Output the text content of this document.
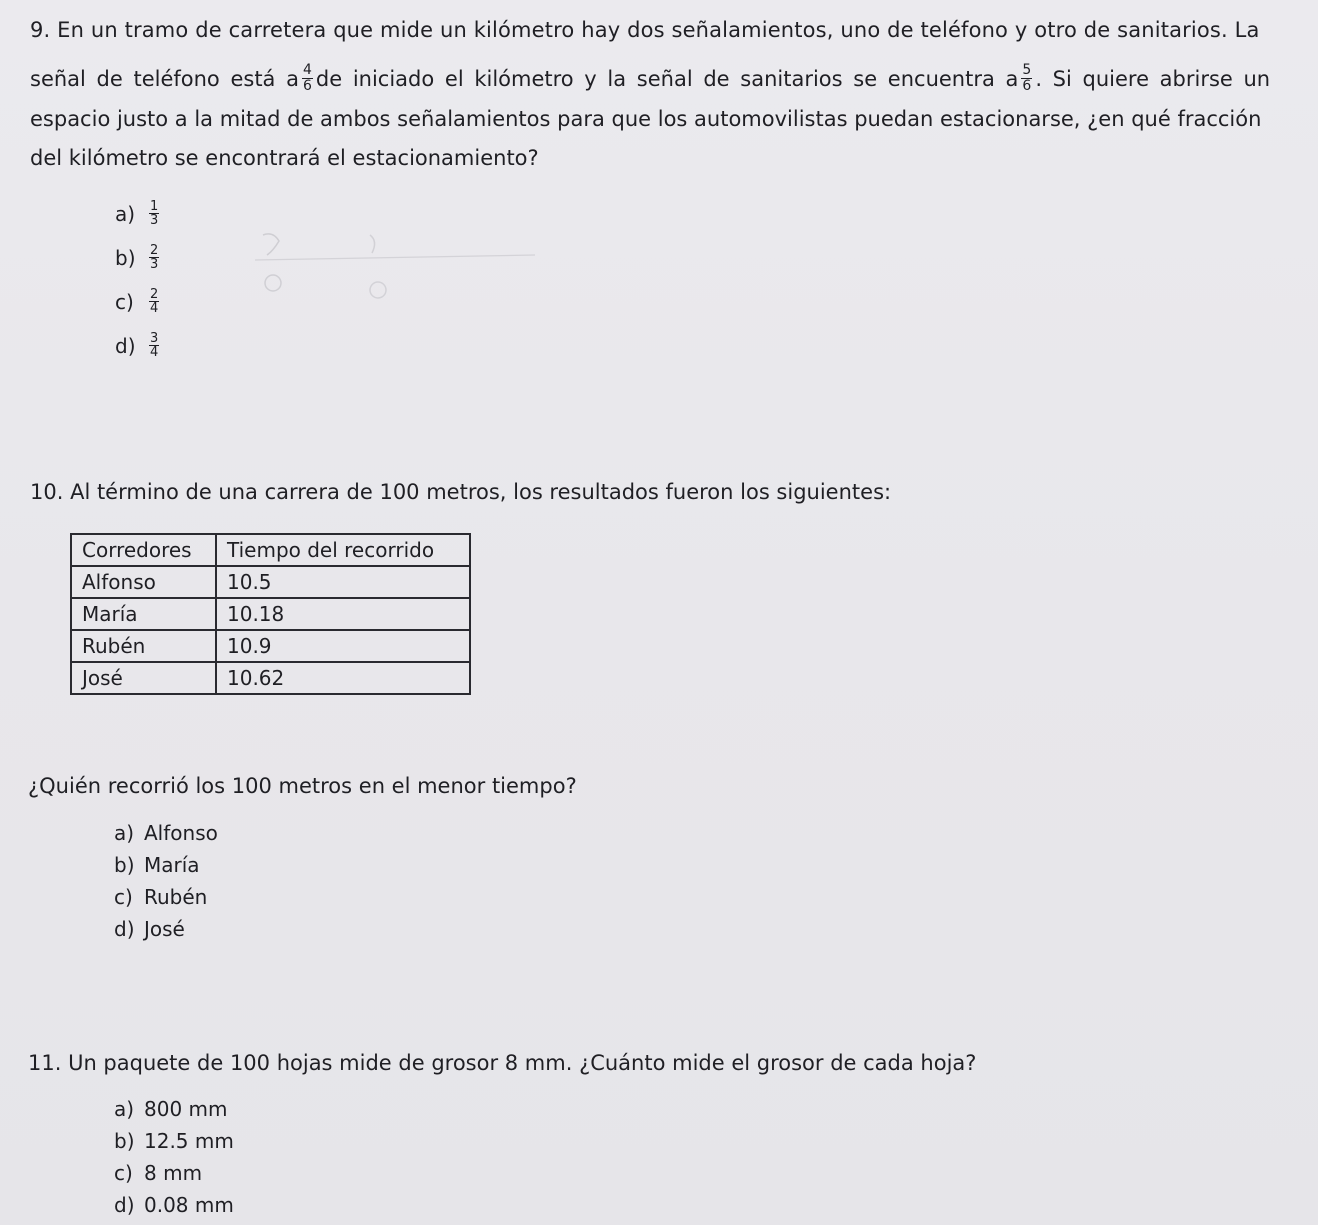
9. En un tramo de carretera que mide un kilómetro hay dos señalamientos, uno de teléfono y otro de sanitarios. La
señal de teléfono está a $\frac{4}{6}$ de iniciado el kilómetro y la señal de sanitarios se encuentra a $\frac{5}{6}$ . Si quiere abrirse un
espacio justo a la mitad de ambos señalamientos para que los automovilistas puedan estacionarse, ¿en qué fracción
del kilómetro se encontrará el estacionamiento?
a)	$\frac{1}{3}$
b)	$\frac{2}{3}$
c)	$\frac{2}{4}$
d)	$\frac{3}{4}$
10. Al término de una carrera de 100 metros, los resultados fueron los siguientes:
Corredores	Tiempo del recorrido
Alfonso	10.5
María	10.18
Rubén	10.9
José	10.62
¿Quién recorrió los 100 metros en el menor tiempo?
a) Alfonso
b) María
c) Rubén
d) José
11. Un paquete de 100 hojas mide de grosor 8 mm. ¿Cuánto mide el grosor de cada hoja?
a) 800 mm
b) 12.5 mm
c) 8 mm
d) 0.08 mm
